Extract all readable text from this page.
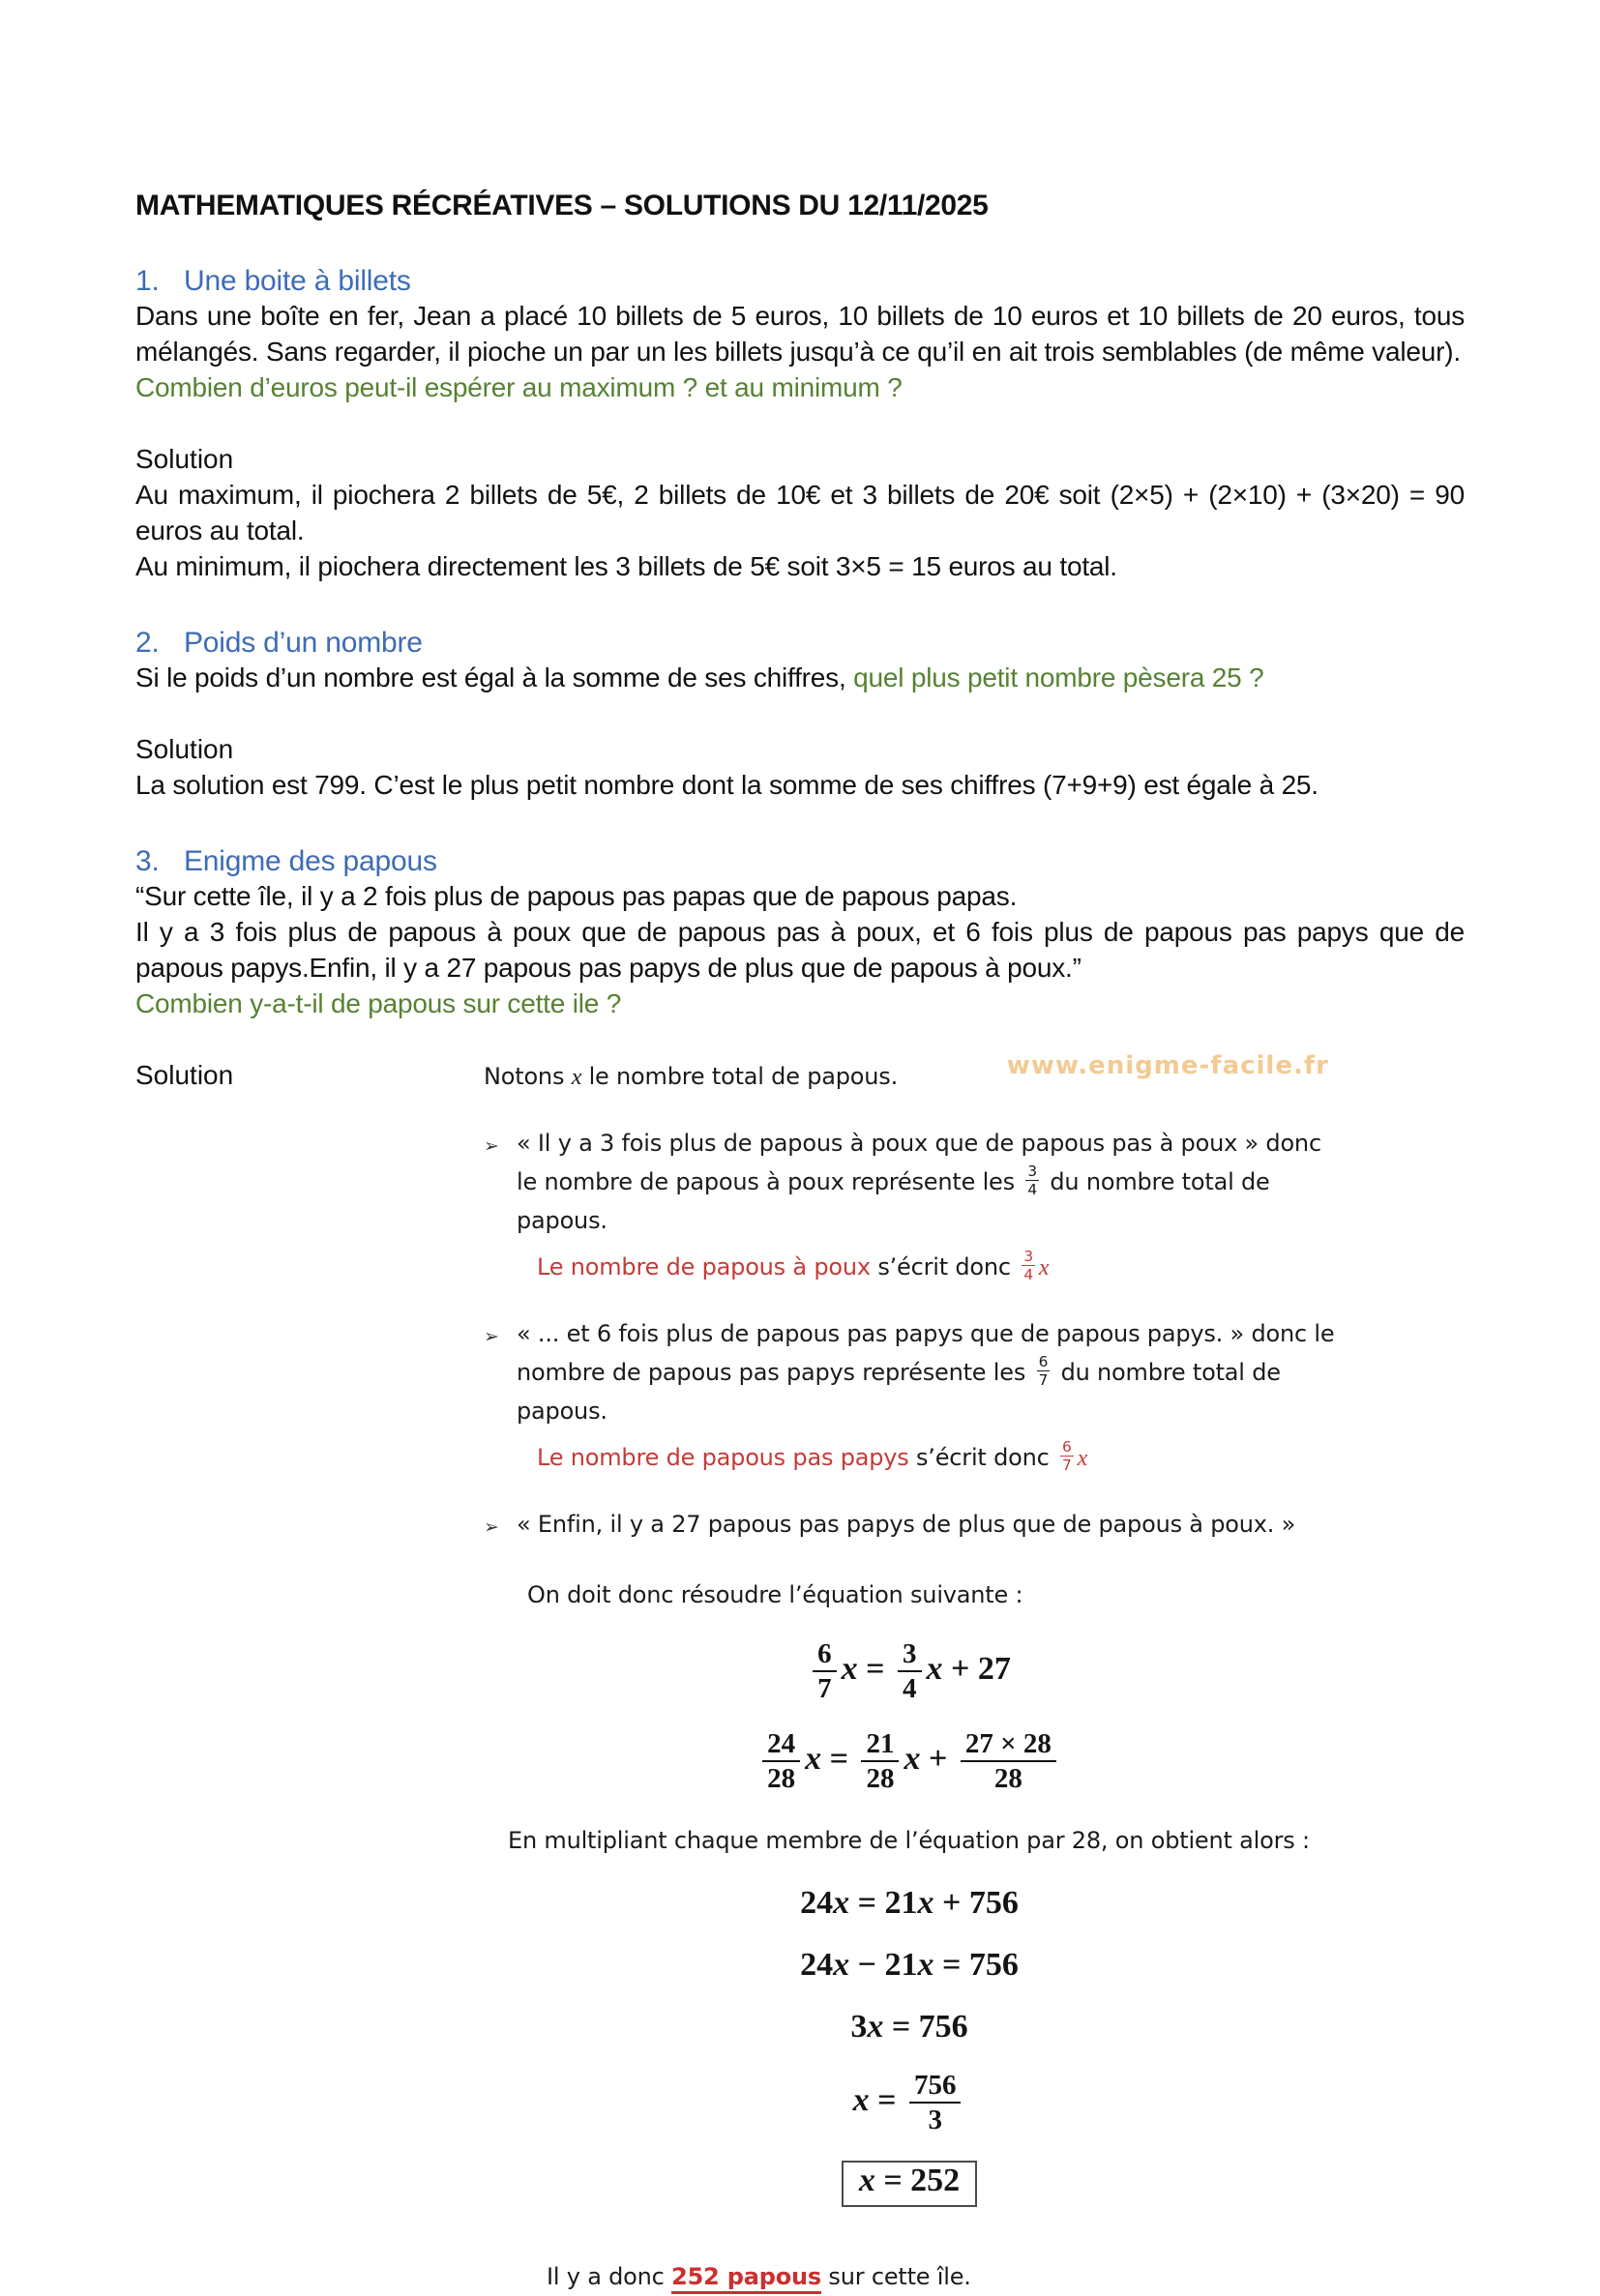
MATHEMATIQUES RÉCRÉATIVES – SOLUTIONS DU 12/11/2025
1. Une boite à billets
Dans une boîte en fer, Jean a placé 10 billets de 5 euros, 10 billets de 10 euros et 10 billets de 20 euros, tous mélangés. Sans regarder, il pioche un par un les billets jusqu’à ce qu’il en ait trois semblables (de même valeur).
Combien d’euros peut-il espérer au maximum ? et au minimum ?
Solution
Au maximum, il piochera 2 billets de 5€, 2 billets de 10€ et 3 billets de 20€ soit (2×5) + (2×10) + (3×20) = 90 euros au total.
Au minimum, il piochera directement les 3 billets de 5€ soit 3×5 = 15 euros au total.
2. Poids d’un nombre
Si le poids d’un nombre est égal à la somme de ses chiffres, quel plus petit nombre pèsera 25 ?
Solution
La solution est 799. C’est le plus petit nombre dont la somme de ses chiffres (7+9+9) est égale à 25.
3. Enigme des papous
“Sur cette île, il y a 2 fois plus de papous pas papas que de papous papas.
Il y a 3 fois plus de papous à poux que de papous pas à poux, et 6 fois plus de papous pas papys que de papous papys.Enfin, il y a 27 papous pas papys de plus que de papous à poux.”
Combien y-a-t-il de papous sur cette ile ?
Solution	www.enigme-facile.fr
Notons x le nombre total de papous.
➢ « Il y a 3 fois plus de papous à poux que de papous pas à poux » donc le nombre de papous à poux représente les $\frac{3}{4}$ du nombre total de papous.
Le nombre de papous à poux s’écrit donc $\frac{3}{4}$ x
➢ « ... et 6 fois plus de papous pas papys que de papous papys. » donc le nombre de papous pas papys représente les $\frac{6}{7}$ du nombre total de papous.
Le nombre de papous pas papys s’écrit donc $\frac{6}{7}$ x
➢ « Enfin, il y a 27 papous pas papys de plus que de papous à poux. »
On doit donc résoudre l’équation suivante :
$\frac{6}{7}$ $x = \frac{3}{4}$ x + 27
$\frac{24}{28}$ $x = \frac{21}{28}$ $x + \frac{27 \times 28}{28}$
En multipliant chaque membre de l’équation par 28, on obtient alors :
24x = 21x + 756
24x − 21x = 756
3x = 756
$x = \frac{756}{3}$
x = 252
Il y a donc 252 papous sur cette île.
